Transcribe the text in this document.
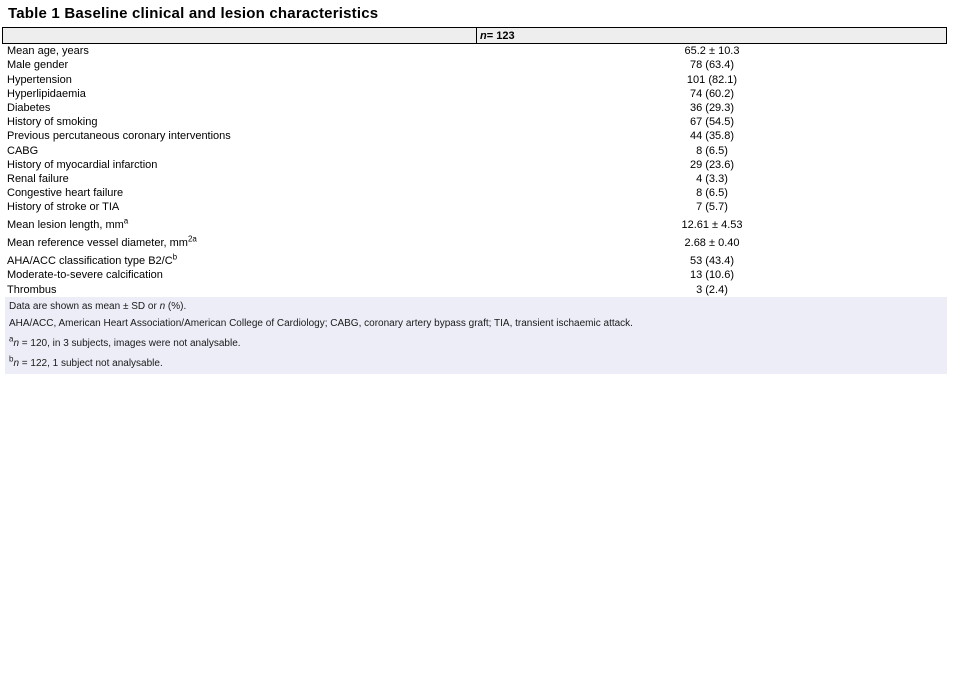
Table 1 Baseline clinical and lesion characteristics
n = 123
Mean age, years	65.2 ± 10.3
Male gender	78 (63.4)
Hypertension	101 (82.1)
Hyperlipidaemia	74 (60.2)
Diabetes	36 (29.3)
History of smoking	67 (54.5)
Previous percutaneous coronary interventions	44 (35.8)
CABG	8 (6.5)
History of myocardial infarction	29 (23.6)
Renal failure	4 (3.3)
Congestive heart failure	8 (6.5)
History of stroke or TIA	7 (5.7)
Mean lesion length, $mm^a$	12.61 ± 4.53
Mean reference vessel diameter, $mm^{2a}$	2.68 ± 0.40
AHA/ACC classification type $B2/C^b$	53 (43.4)
Moderate-to-severe calcification	13 (10.6)
Thrombus	3 (2.4)
Data are shown as mean ± SD or n (%).
AHA/ACC, American Heart Association/American College of Cardiology; CABG, coronary artery bypass graft; TIA, transient ischaemic attack.
$^a$n = 120, in 3 subjects, images were not analysable.
$^b$n = 122, 1 subject not analysable.
